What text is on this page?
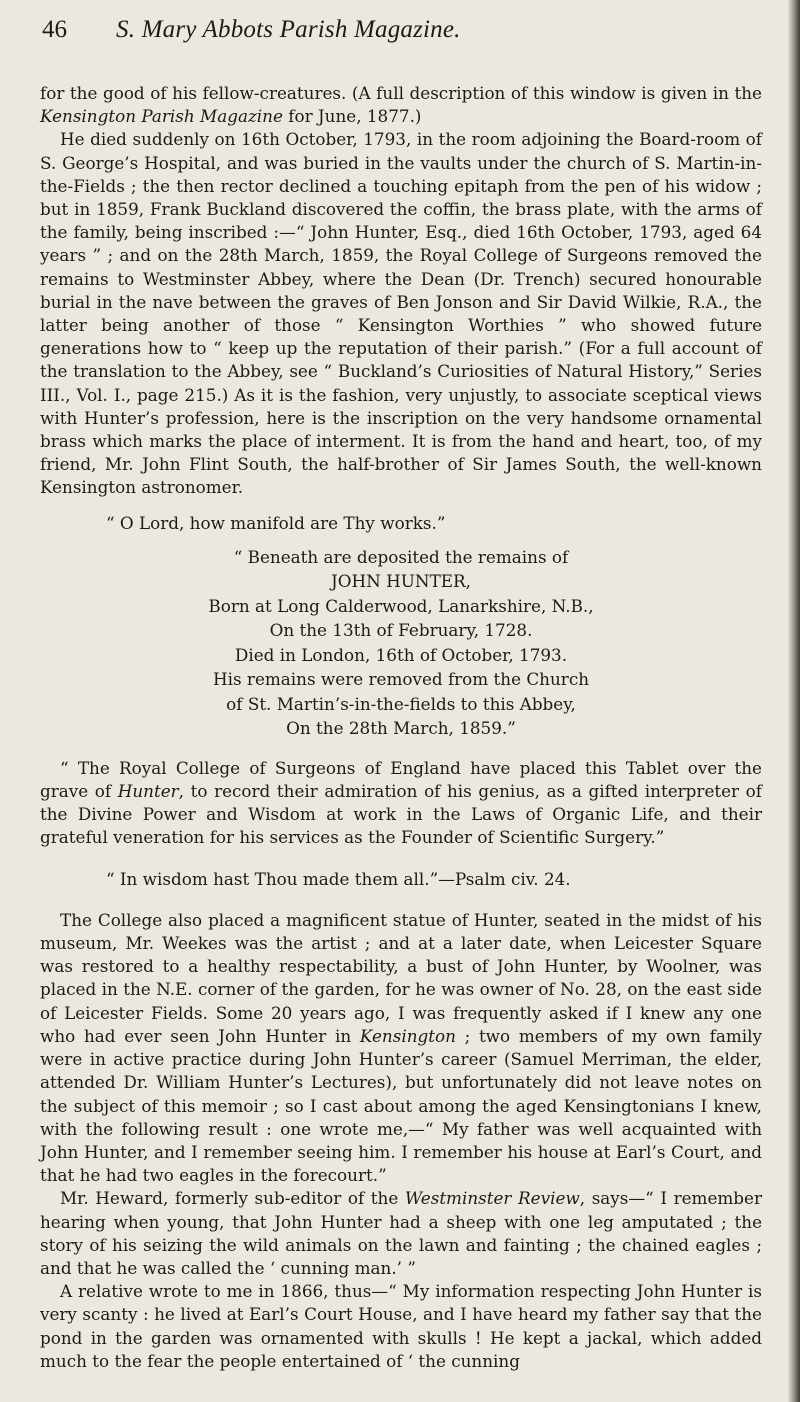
46 S. Mary Abbots Parish Magazine.

for the good of his fellow-creatures. (A full description of this window is given in the Kensington Parish Magazine for June, 1877.)

He died suddenly on 16th October, 1793, in the room adjoining the Board-room of S. George’s Hospital, and was buried in the vaults under the church of S. Martin-in-the-Fields ; the then rector declined a touching epitaph from the pen of his widow ; but in 1859, Frank Buckland discovered the coffin, the brass plate, with the arms of the family, being inscribed :—“ John Hunter, Esq., died 16th October, 1793, aged 64 years ” ; and on the 28th March, 1859, the Royal College of Surgeons removed the remains to Westminster Abbey, where the Dean (Dr. Trench) secured honourable burial in the nave between the graves of Ben Jonson and Sir David Wilkie, R.A., the latter being another of those “ Kensington Worthies ” who showed future generations how to “ keep up the reputation of their parish.” (For a full account of the translation to the Abbey, see “ Buckland’s Curiosities of Natural History,” Series III., Vol. I., page 215.) As it is the fashion, very unjustly, to associate sceptical views with Hunter’s profession, here is the inscription on the very handsome ornamental brass which marks the place of interment. It is from the hand and heart, too, of my friend, Mr. John Flint South, the half-brother of Sir James South, the well-known Kensington astronomer.

“ O Lord, how manifold are Thy works.”

“ Beneath are deposited the remains of
JOHN HUNTER,
Born at Long Calderwood, Lanarkshire, N.B.,
On the 13th of February, 1728.
Died in London, 16th of October, 1793.
His remains were removed from the Church
of St. Martin’s-in-the-fields to this Abbey,
On the 28th March, 1859.”

“ The Royal College of Surgeons of England have placed this Tablet over the grave of Hunter, to record their admiration of his genius, as a gifted interpreter of the Divine Power and Wisdom at work in the Laws of Organic Life, and their grateful veneration for his services as the Founder of Scientific Surgery.”

“ In wisdom hast Thou made them all.”—Psalm civ. 24.

The College also placed a magnificent statue of Hunter, seated in the midst of his museum, Mr. Weekes was the artist ; and at a later date, when Leicester Square was restored to a healthy respectability, a bust of John Hunter, by Woolner, was placed in the N.E. corner of the garden, for he was owner of No. 28, on the east side of Leicester Fields. Some 20 years ago, I was frequently asked if I knew any one who had ever seen John Hunter in Kensington ; two members of my own family were in active practice during John Hunter’s career (Samuel Merriman, the elder, attended Dr. William Hunter’s Lectures), but unfortunately did not leave notes on the subject of this memoir ; so I cast about among the aged Kensingtonians I knew, with the following result : one wrote me,—“ My father was well acquainted with John Hunter, and I remember seeing him. I remember his house at Earl’s Court, and that he had two eagles in the forecourt.”

Mr. Heward, formerly sub-editor of the Westminster Review, says—“ I remember hearing when young, that John Hunter had a sheep with one leg amputated ; the story of his seizing the wild animals on the lawn and fainting ; the chained eagles ; and that he was called the ‘ cunning man.’ ”

A relative wrote to me in 1866, thus—“ My information respecting John Hunter is very scanty : he lived at Earl’s Court House, and I have heard my father say that the pond in the garden was ornamented with skulls ! He kept a jackal, which added much to the fear the people entertained of ‘ the cunning
